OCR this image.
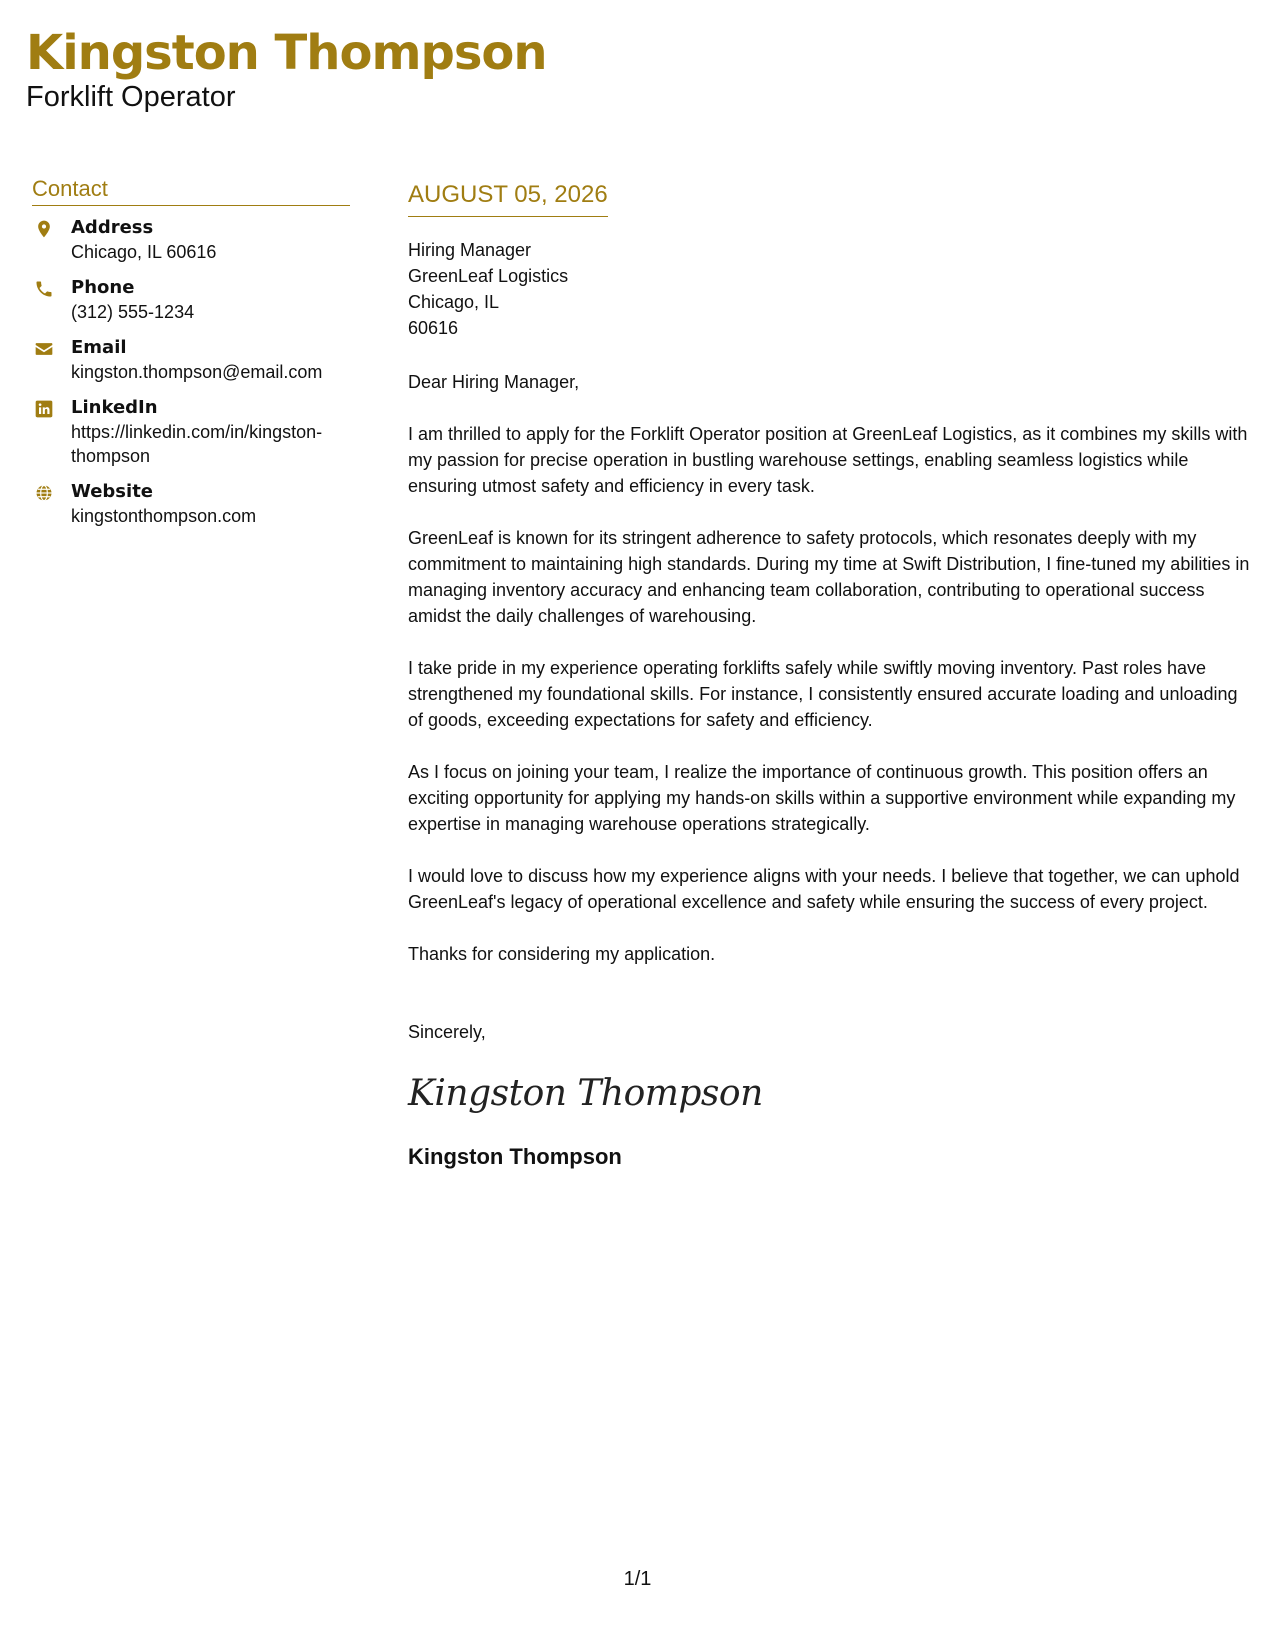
Kingston Thompson
Forklift Operator
Contact
Address
Chicago, IL 60616
Phone
(312) 555-1234
Email
kingston.thompson@email.com
LinkedIn
https://linkedin.com/in/kingston-thompson
Website
kingstonthompson.com
AUGUST 05, 2026
Hiring Manager
GreenLeaf Logistics
Chicago, IL
60616
Dear Hiring Manager,
I am thrilled to apply for the Forklift Operator position at GreenLeaf Logistics, as it combines my skills with my passion for precise operation in bustling warehouse settings, enabling seamless logistics while ensuring utmost safety and efficiency in every task.
GreenLeaf is known for its stringent adherence to safety protocols, which resonates deeply with my commitment to maintaining high standards. During my time at Swift Distribution, I fine-tuned my abilities in managing inventory accuracy and enhancing team collaboration, contributing to operational success amidst the daily challenges of warehousing.
I take pride in my experience operating forklifts safely while swiftly moving inventory. Past roles have strengthened my foundational skills. For instance, I consistently ensured accurate loading and unloading of goods, exceeding expectations for safety and efficiency.
As I focus on joining your team, I realize the importance of continuous growth. This position offers an exciting opportunity for applying my hands-on skills within a supportive environment while expanding my expertise in managing warehouse operations strategically.
I would love to discuss how my experience aligns with your needs. I believe that together, we can uphold GreenLeaf's legacy of operational excellence and safety while ensuring the success of every project.
Thanks for considering my application.
Sincerely,
Kingston Thompson
Kingston Thompson
1/1
